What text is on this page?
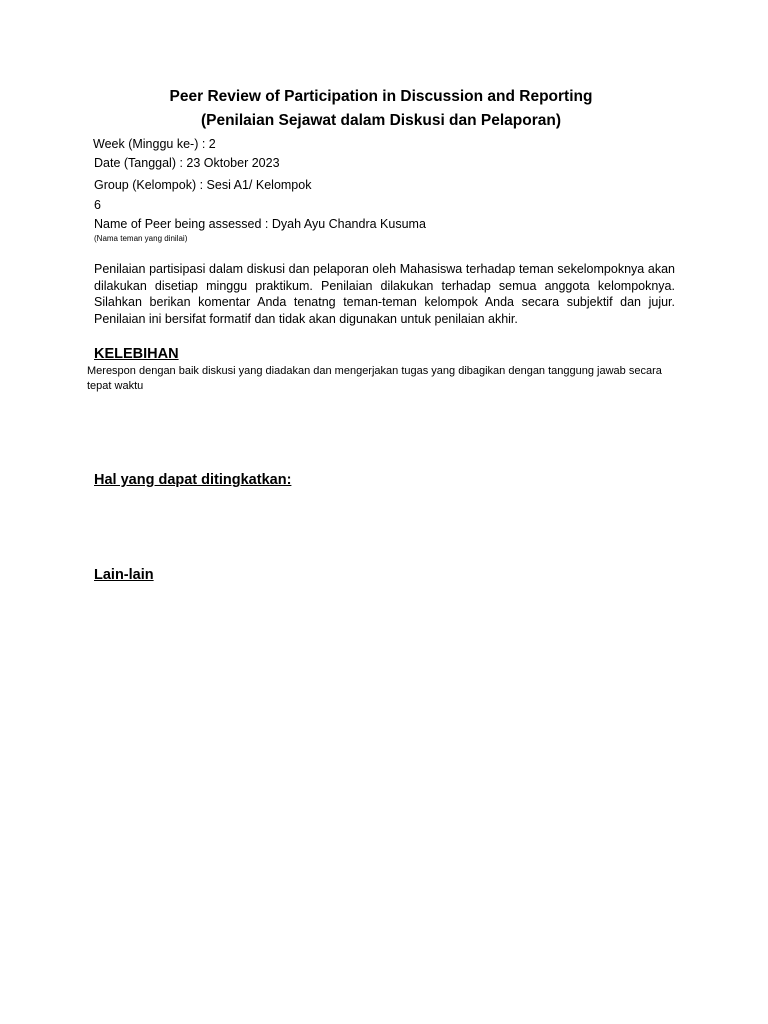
Peer Review of Participation in Discussion and Reporting
(Penilaian Sejawat dalam Diskusi dan Pelaporan)
Week (Minggu ke-) : 2
Date (Tanggal) : 23 Oktober 2023
Group (Kelompok) : Sesi A1/ Kelompok
6
Name of Peer being assessed : Dyah Ayu Chandra Kusuma
(Nama teman yang dinilai)
Penilaian partisipasi dalam diskusi dan pelaporan oleh Mahasiswa terhadap teman sekelompoknya akan dilakukan disetiap minggu praktikum. Penilaian dilakukan terhadap semua anggota kelompoknya. Silahkan berikan komentar Anda tenatng teman-teman kelompok Anda secara subjektif dan jujur. Penilaian ini bersifat formatif dan tidak akan digunakan untuk penilaian akhir.
KELEBIHAN
Merespon dengan baik diskusi yang diadakan dan mengerjakan tugas yang dibagikan dengan tanggung jawab secara tepat waktu
Hal yang dapat ditingkatkan:
Lain-lain
